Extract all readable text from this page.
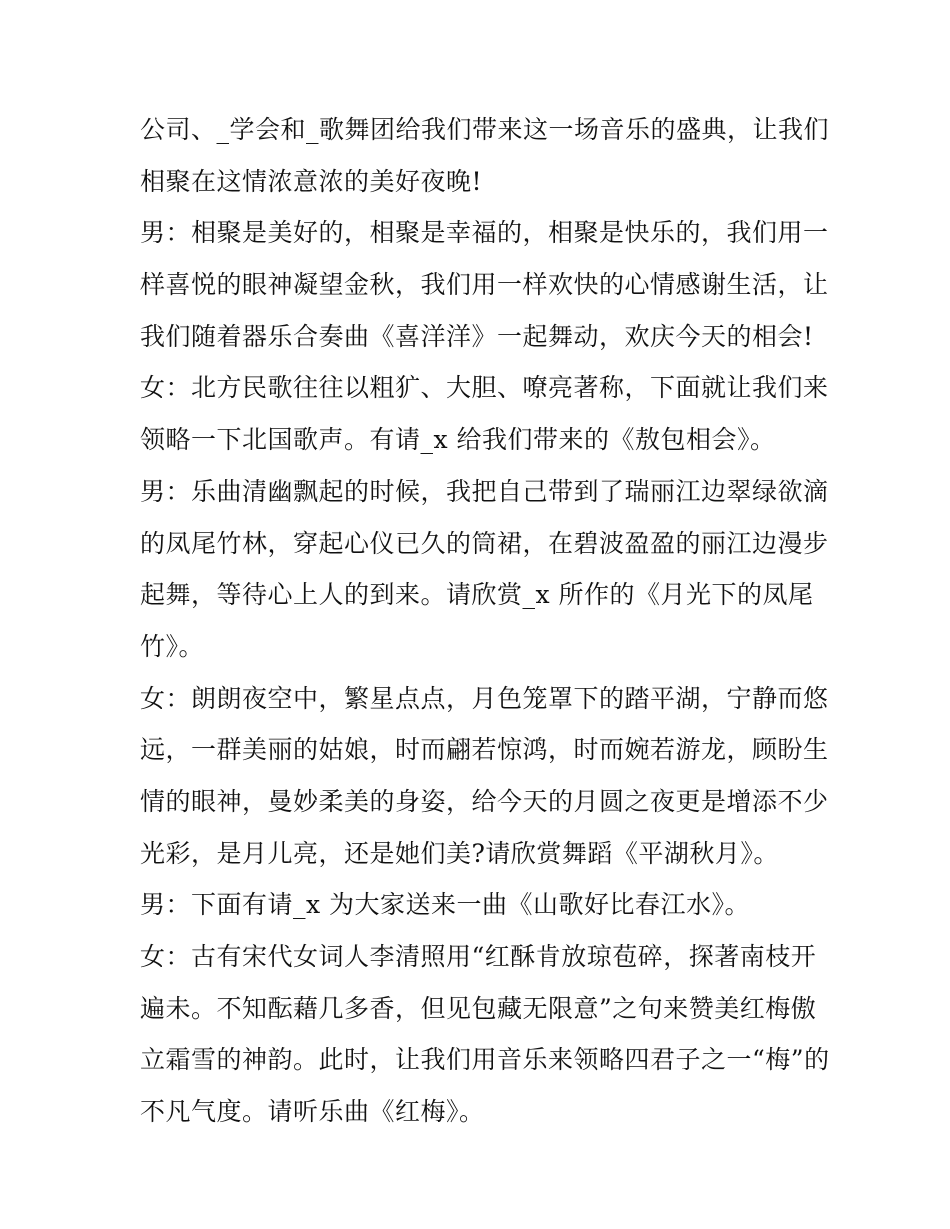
公司、_学会和_歌舞团给我们带来这一场音乐的盛典，让我们
相聚在这情浓意浓的美好夜晚!
男：相聚是美好的，相聚是幸福的，相聚是快乐的，我们用一
样喜悦的眼神凝望金秋，我们用一样欢快的心情感谢生活，让
我们随着器乐合奏曲《喜洋洋》一起舞动，欢庆今天的相会!
女：北方民歌往往以粗犷、大胆、嘹亮著称，下面就让我们来
领略一下北国歌声。有请_x 给我们带来的《敖包相会》。
男：乐曲清幽飘起的时候，我把自己带到了瑞丽江边翠绿欲滴
的凤尾竹林，穿起心仪已久的筒裙，在碧波盈盈的丽江边漫步
起舞，等待心上人的到来。请欣赏_x 所作的《月光下的凤尾
竹》。
女：朗朗夜空中，繁星点点，月色笼罩下的踏平湖，宁静而悠
远，一群美丽的姑娘，时而翩若惊鸿，时而婉若游龙，顾盼生
情的眼神，曼妙柔美的身姿，给今天的月圆之夜更是增添不少
光彩，是月儿亮，还是她们美?请欣赏舞蹈《平湖秋月》。
男：下面有请_x 为大家送来一曲《山歌好比春江水》。
女：古有宋代女词人李清照用“红酥肯放琼苞碎，探著南枝开
遍未。不知酝藉几多香，但见包藏无限意”之句来赞美红梅傲
立霜雪的神韵。此时，让我们用音乐来领略四君子之一“梅”的
不凡气度。请听乐曲《红梅》。
